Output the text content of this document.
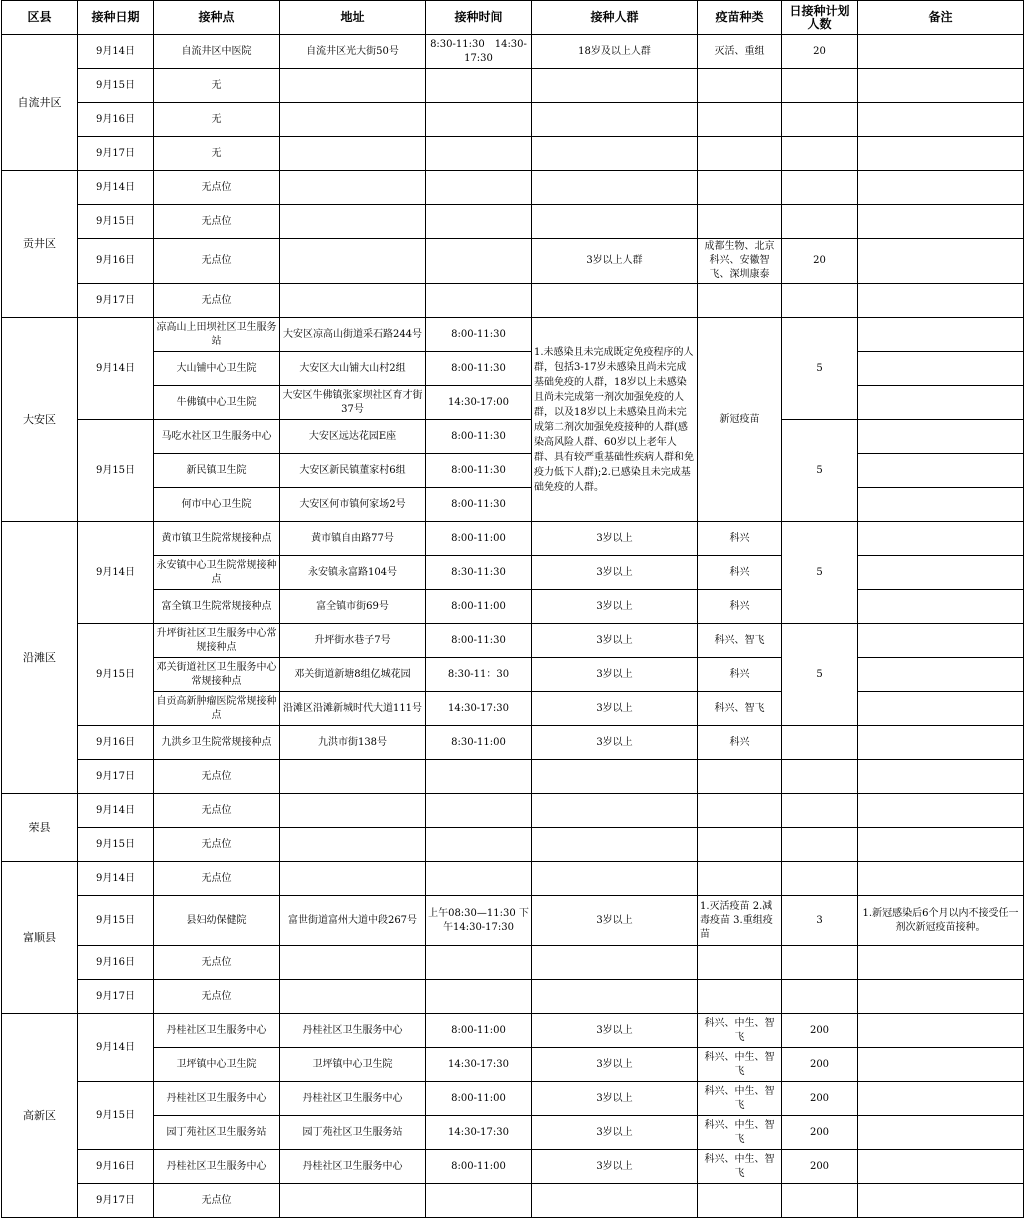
区县	接种日期	接种点	地址	接种时间	接种人群	疫苗种类	日接种计划人数	备注
自流井区	9月14日	自流井区中医院	自流井区光大街50号	8:30-11:30　14:30-17:30	18岁及以上人群	灭活、重组	20	
	9月15日	无						
	9月16日	无						
	9月17日	无						
贡井区	9月14日	无点位						
	9月15日	无点位						
	9月16日	无点位			3岁以上人群	成都生物、北京科兴、安徽智飞、深圳康泰	20	
	9月17日	无点位						
大安区	9月14日	凉高山上田坝社区卫生服务站	大安区凉高山街道采石路244号	8:00-11:30	1.未感染且未完成既定免疫程序的人群，包括3-17岁未感染且尚未完成基础免疫的人群，18岁以上未感染且尚未完成第一剂次加强免疫的人群，以及18岁以上未感染且尚未完成第二剂次加强免疫接种的人群(感染高风险人群、60岁以上老年人群、具有较严重基础性疾病人群和免疫力低下人群);2.已感染且未完成基础免疫的人群。	新冠疫苗	5	
		大山铺中心卫生院	大安区大山铺大山村2组	8:00-11:30				
		牛佛镇中心卫生院	大安区牛佛镇张家坝社区育才街37号	14:30-17:00				
	9月15日	马吃水社区卫生服务中心	大安区远达花园E座	8:00-11:30			5	
		新民镇卫生院	大安区新民镇董家村6组	8:00-11:30				
		何市中心卫生院	大安区何市镇何家场2号	8:00-11:30				
沿滩区	9月14日	黄市镇卫生院常规接种点	黄市镇自由路77号	8:00-11:00	3岁以上	科兴	5	
		永安镇中心卫生院常规接种点	永安镇永富路104号	8:30-11:30	3岁以上	科兴		
		富全镇卫生院常规接种点	富全镇市街69号	8:00-11:00	3岁以上	科兴		
	9月15日	升坪街社区卫生服务中心常规接种点	升坪街水巷子7号	8:00-11:30	3岁以上	科兴、智飞	5	
		邓关街道社区卫生服务中心常规接种点	邓关街道新塘8组亿城花园	8:30-11：30	3岁以上	科兴		
		自贡高新肿瘤医院常规接种点	沿滩区沿滩新城时代大道111号	14:30-17:30	3岁以上	科兴、智飞		
	9月16日	九洪乡卫生院常规接种点	九洪市街138号	8:30-11:00	3岁以上	科兴		
	9月17日	无点位						
荣县	9月14日	无点位						
	9月15日	无点位						
富顺县	9月14日	无点位						
	9月15日	县妇幼保健院	富世街道富州大道中段267号	上午08:30—11:30 下午14:30-17:30	3岁以上	1.灭活疫苗 2.减毒疫苗 3.重组疫苗	3	1.新冠感染后6个月以内不接受任一剂次新冠疫苗接种。
	9月16日	无点位						
	9月17日	无点位						
高新区	9月14日	丹桂社区卫生服务中心	丹桂社区卫生服务中心	8:00-11:00	3岁以上	科兴、中生、智飞	200	
		卫坪镇中心卫生院	卫坪镇中心卫生院	14:30-17:30	3岁以上	科兴、中生、智飞	200	
	9月15日	丹桂社区卫生服务中心	丹桂社区卫生服务中心	8:00-11:00	3岁以上	科兴、中生、智飞	200	
		园丁苑社区卫生服务站	园丁苑社区卫生服务站	14:30-17:30	3岁以上	科兴、中生、智飞	200	
	9月16日	丹桂社区卫生服务中心	丹桂社区卫生服务中心	8:00-11:00	3岁以上	科兴、中生、智飞	200	
	9月17日	无点位						
